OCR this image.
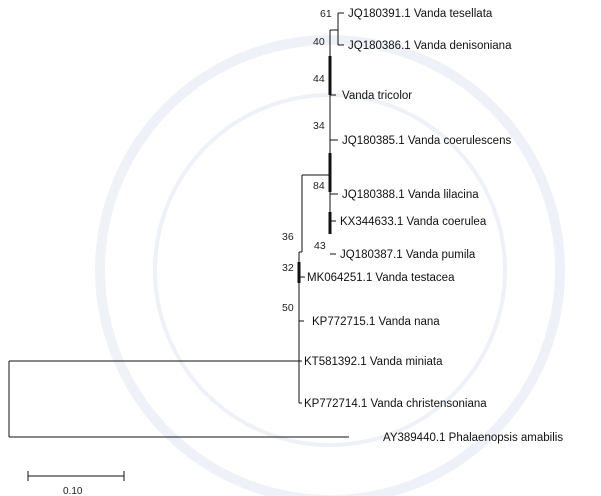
JQ180391.1 Vanda tesellata
JQ180386.1 Vanda denisoniana
Vanda tricolor
JQ180385.1 Vanda coerulescens
JQ180388.1 Vanda lilacina
KX344633.1 Vanda coerulea
JQ180387.1 Vanda pumila
MK064251.1 Vanda testacea
KP772715.1 Vanda nana
KT581392.1 Vanda miniata
KP772714.1 Vanda christensoniana
AY389440.1 Phalaenopsis amabilis
61
40
44
34
84
43
36
32
50
0.10
